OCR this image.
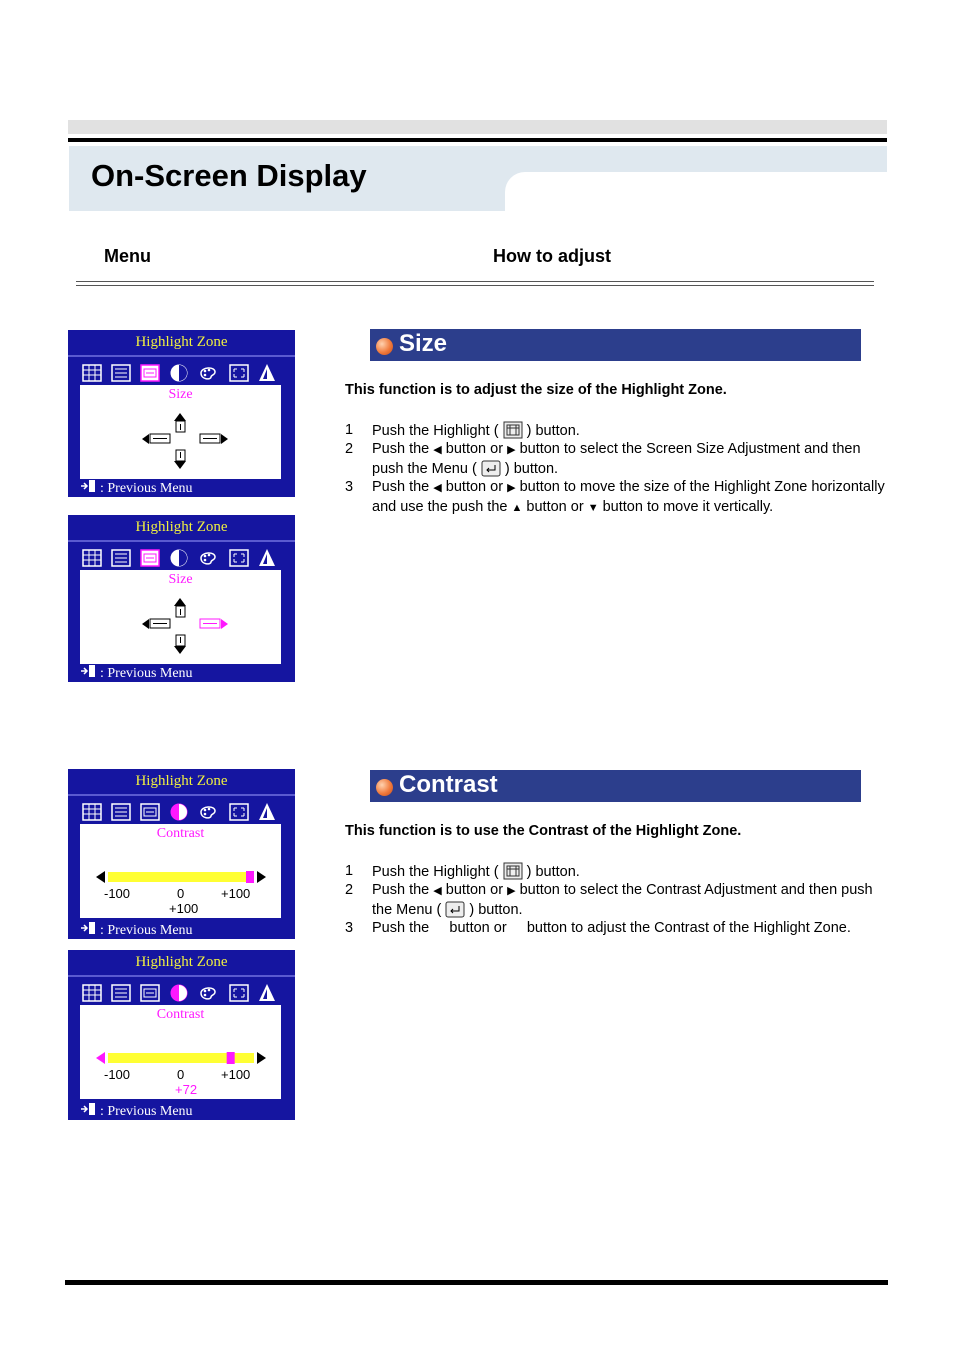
On-Screen Display
Menu	How to adjust
Highlight Zone
Size
: Previous Menu
Highlight Zone
Size
: Previous Menu
Highlight Zone
Contrast
-100	0	+100
+100
: Previous Menu
Highlight Zone
Contrast
-100	0	+100
+72
: Previous Menu
Size
This function is to adjust the size of the Highlight Zone.
1 Push the Highlight ( ) button.
2 Push the ◀ button or ▶ button to select the Screen Size Adjustment and then push the Menu ( ) button.
3 Push the ◀ button or ▶ button to move the size of the Highlight Zone horizontally and use the push the ▲ button or ▼ button to move it vertically.
Contrast
This function is to use the Contrast of the Highlight Zone.
1 Push the Highlight ( ) button.
2 Push the ◀ button or ▶ button to select the Contrast Adjustment and then push the Menu ( ) button.
3 Push the button or button to adjust the Contrast of the Highlight Zone.
